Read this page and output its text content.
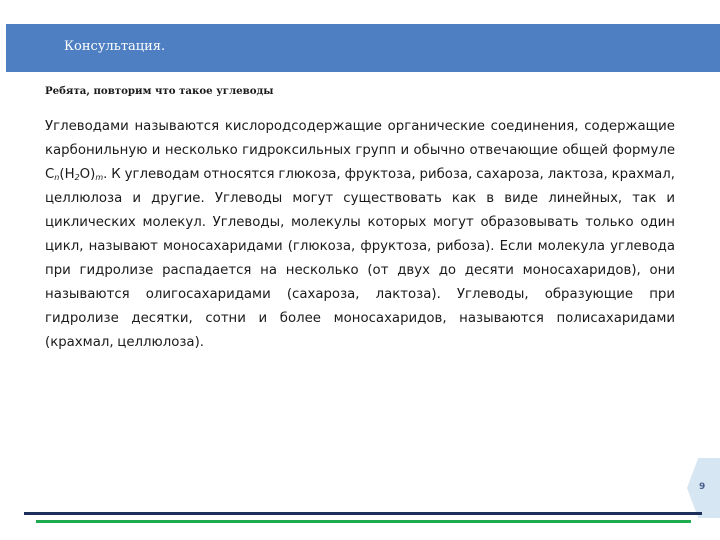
Консультация.
Ребята, повторим что такое углеводы

Углеводами называются кислородсодержащие органические соединения, содержащие карбонильную и несколько гидроксильных групп и обычно отвечающие общей формуле $С_n(H_2O)_m$. К углеводам относятся глюкоза, фруктоза, рибоза, сахароза, лактоза, крахмал, целлюлоза и другие. Углеводы могут существовать как в виде линейных, так и циклических молекул. Углеводы, молекулы которых могут образовывать только один цикл, называют моносахаридами (глюкоза, фруктоза, рибоза). Если молекула углевода при гидролизе распадается на несколько (от двух до десяти моносахаридов), они называются олигосахаридами (сахароза, лактоза). Углеводы, образующие при гидролизе десятки, сотни и более моносахаридов, называются полисахаридами (крахмал, целлюлоза).

9
